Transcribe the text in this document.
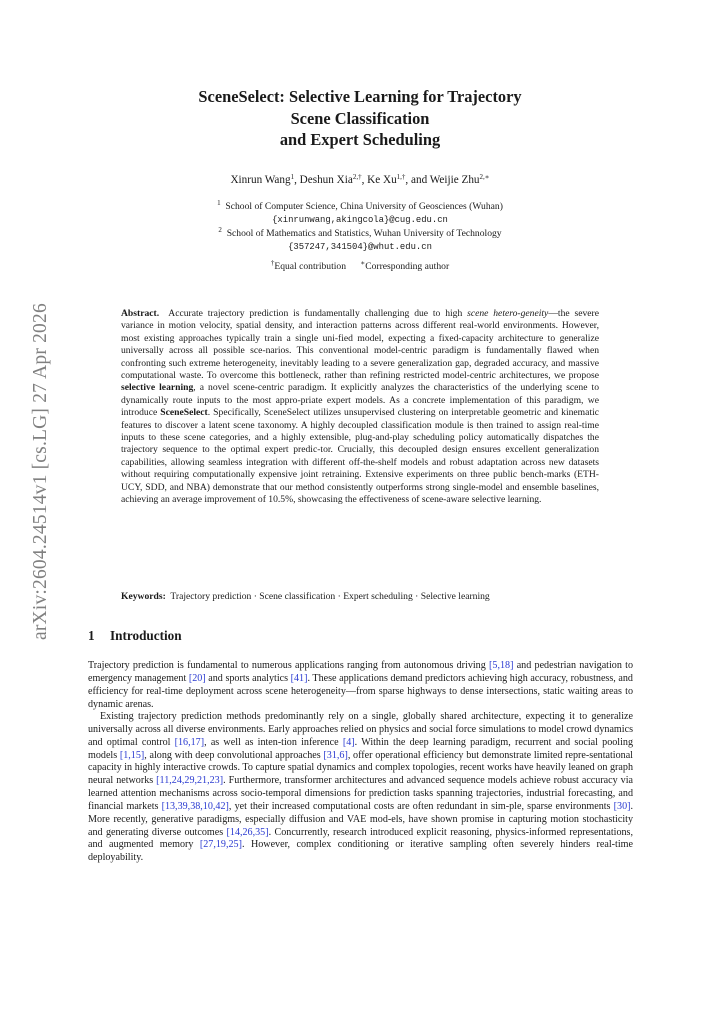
arXiv:2604.24514v1 [cs.LG] 27 Apr 2026
SceneSelect: Selective Learning for Trajectory
Scene Classification
and Expert Scheduling
Xinrun Wang$^1$, Deshun Xia$^{2,\dagger}$, Ke $Xu^{1,\dagger}$, and Weijie Zhu$^{2,∗}$
$^1$ School of Computer Science, China University of Geosciences (Wuhan)
{xinrunwang,akingcola}@cug.edu.cn
$^2$ School of Mathematics and Statistics, Wuhan University of Technology
{357247,341504}@whut.edu.cn
†Equal contribution ∗Corresponding author
Abstract. Accurate trajectory prediction is fundamentally challenging due to high scene hetero-geneity—the severe variance in motion velocity, spatial density, and interaction patterns across different real-world environments. However, most existing approaches typically train a single uni-fied model, expecting a fixed-capacity architecture to generalize universally across all possible sce-narios. This conventional model-centric paradigm is fundamentally flawed when confronting such extreme heterogeneity, inevitably leading to a severe generalization gap, degraded accuracy, and massive computational waste. To overcome this bottleneck, rather than refining restricted model-centric architectures, we propose selective learning, a novel scene-centric paradigm. It explicitly analyzes the characteristics of the underlying scene to dynamically route inputs to the most appro-priate expert models. As a concrete implementation of this paradigm, we introduce SceneSelect. Specifically, SceneSelect utilizes unsupervised clustering on interpretable geometric and kinematic features to discover a latent scene taxonomy. A highly decoupled classification module is then trained to assign real-time inputs to these scene categories, and a highly extensible, plug-and-play scheduling policy automatically dispatches the trajectory sequence to the optimal expert predic-tor. Crucially, this decoupled design ensures excellent generalization capabilities, allowing seamless integration with different off-the-shelf models and robust adaptation across new datasets without requiring computationally expensive joint retraining. Extensive experiments on three public bench-marks (ETH-UCY, SDD, and NBA) demonstrate that our method consistently outperforms strong single-model and ensemble baselines, achieving an average improvement of 10.5%, showcasing the effectiveness of scene-aware selective learning.
Keywords: Trajectory prediction · Scene classification · Expert scheduling · Selective learning
1 Introduction
Trajectory prediction is fundamental to numerous applications ranging from autonomous driving [5,18] and pedestrian navigation to emergency management [20] and sports analytics [41]. These applications demand predictors achieving high accuracy, robustness, and efficiency for real-time deployment across scene heterogeneity—from sparse highways to dense intersections, static waiting areas to dynamic arenas.
Existing trajectory prediction methods predominantly rely on a single, globally shared architecture, expecting it to generalize universally across all diverse environments. Early approaches relied on physics and social force simulations to model crowd dynamics and optimal control [16,17], as well as inten-tion inference [4]. Within the deep learning paradigm, recurrent and social pooling models [1,15], along with deep convolutional approaches [31,6], offer operational efficiency but demonstrate limited repre-sentational capacity in highly interactive crowds. To capture spatial dynamics and complex topologies, recent works have heavily leaned on graph neural networks [11,24,29,21,23]. Furthermore, transformer architectures and advanced sequence models achieve robust accuracy via learned attention mechanisms across socio-temporal dimensions for prediction tasks spanning trajectories, industrial forecasting, and financial markets [13,39,38,10,42], yet their increased computational costs are often redundant in sim-ple, sparse environments [30]. More recently, generative paradigms, especially diffusion and VAE mod-els, have shown promise in capturing motion stochasticity and generating diverse outcomes [14,26,35]. Concurrently, research introduced explicit reasoning, physics-informed representations, and augmented memory [27,19,25]. However, complex conditioning or iterative sampling often severely hinders real-time deployability.
